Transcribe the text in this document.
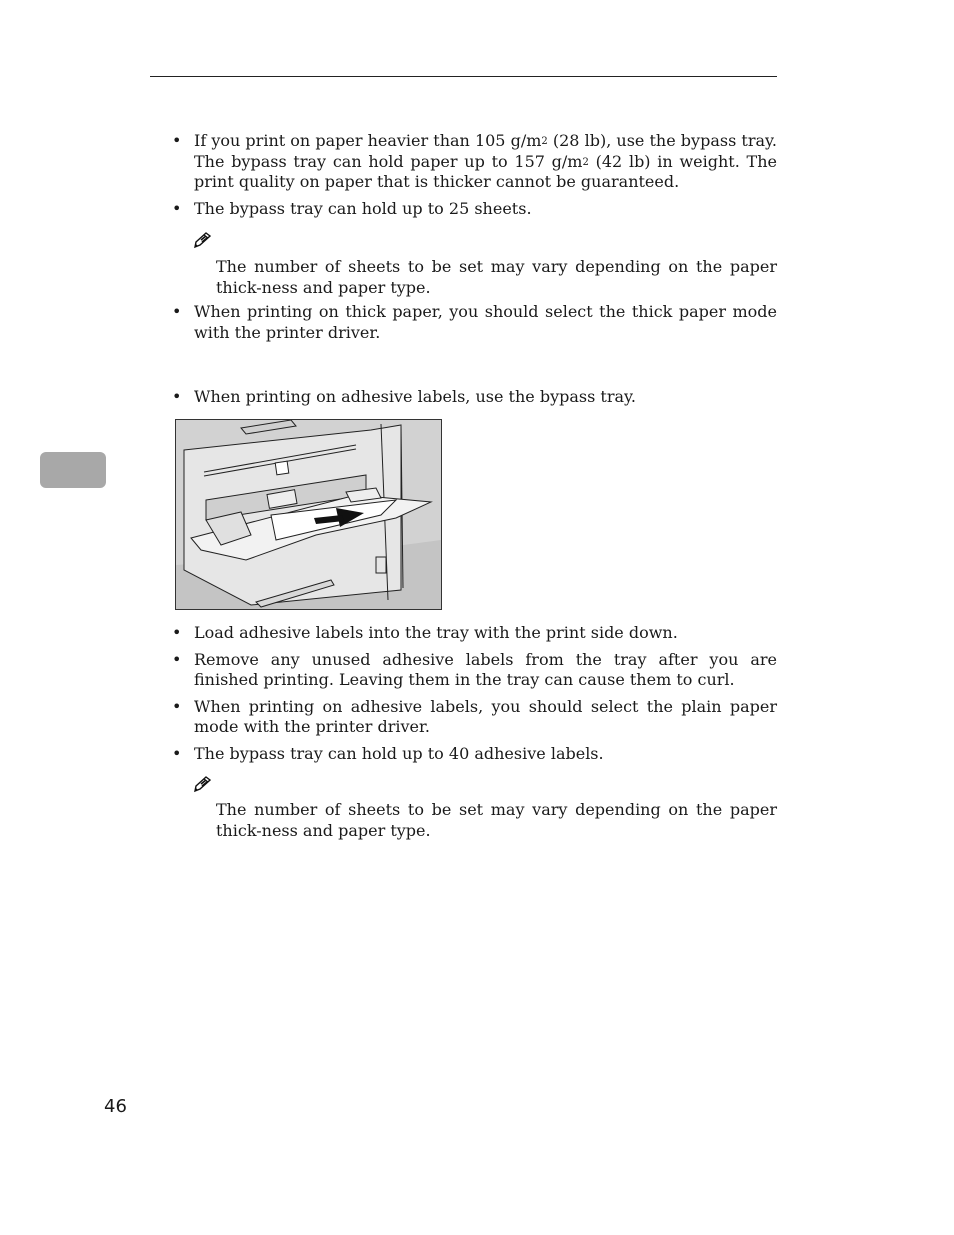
• If you print on paper heavier than 105 $g/m^2$ (28 lb), use the bypass tray. The bypass tray can hold paper up to 157 $g/m^2$ (42 lb) in weight. The print quality on paper that is thicker cannot be guaranteed.
• The bypass tray can hold up to 25 sheets.
The number of sheets to be set may vary depending on the paper thick-ness and paper type.
• When printing on thick paper, you should select the thick paper mode with the printer driver.
• When printing on adhesive labels, use the bypass tray.
• Load adhesive labels into the tray with the print side down.
• Remove any unused adhesive labels from the tray after you are finished printing. Leaving them in the tray can cause them to curl.
• When printing on adhesive labels, you should select the plain paper mode with the printer driver.
• The bypass tray can hold up to 40 adhesive labels.
The number of sheets to be set may vary depending on the paper thick-ness and paper type.
46
